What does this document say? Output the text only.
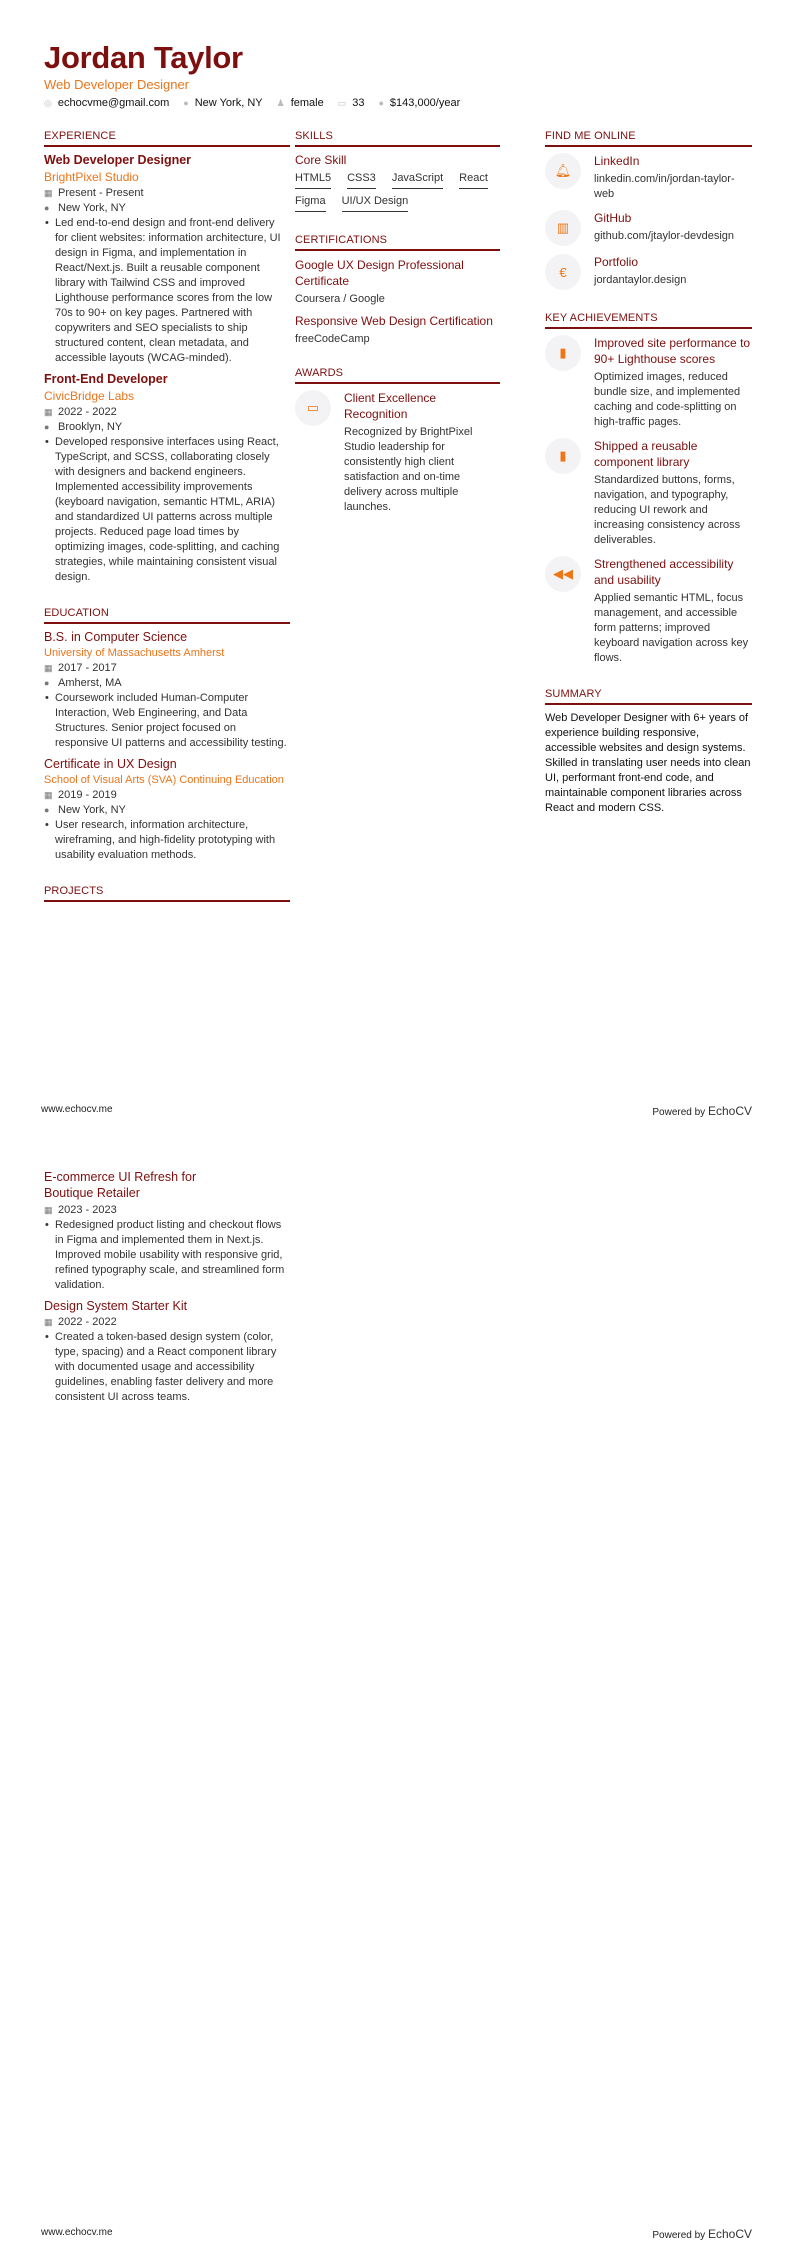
Jordan Taylor
Web Developer Designer
◎ echocvme@gmail.com ● New York, NY ♟ female ▭ 33 ● $143,000/year
EXPERIENCE
Web Developer Designer
BrightPixel Studio
▦ Present - Present
● New York, NY
• Led end-to-end design and front-end delivery for client websites: information architecture, UI design in Figma, and implementation in React/Next.js. Built a reusable component library with Tailwind CSS and improved Lighthouse performance scores from the low 70s to 90+ on key pages. Partnered with copywriters and SEO specialists to ship structured content, clean metadata, and accessible layouts (WCAG-minded).
Front-End Developer
CivicBridge Labs
▦ 2022 - 2022
● Brooklyn, NY
• Developed responsive interfaces using React, TypeScript, and SCSS, collaborating closely with designers and backend engineers. Implemented accessibility improvements (keyboard navigation, semantic HTML, ARIA) and standardized UI patterns across multiple projects. Reduced page load times by optimizing images, code-splitting, and caching strategies, while maintaining consistent visual design.
EDUCATION
B.S. in Computer Science
University of Massachusetts Amherst
▦ 2017 - 2017
● Amherst, MA
• Coursework included Human-Computer Interaction, Web Engineering, and Data Structures. Senior project focused on responsive UI patterns and accessibility testing.
Certificate in UX Design
School of Visual Arts (SVA) Continuing Education
▦ 2019 - 2019
● New York, NY
• User research, information architecture, wireframing, and high-fidelity prototyping with usability evaluation methods.
PROJECTS
SKILLS
Core Skill
HTML5 CSS3 JavaScript React
Figma UI/UX Design
CERTIFICATIONS
Google UX Design Professional Certificate
Coursera / Google
Responsive Web Design Certification
freeCodeCamp
AWARDS
▭
Client Excellence Recognition
Recognized by BrightPixel Studio leadership for consistently high client satisfaction and on-time delivery across multiple launches.
FIND ME ONLINE
🔔︎
LinkedIn
linkedin.com/in/jordan-taylor-web
▥
GitHub
github.com/jtaylor-devdesign
€
Portfolio
jordantaylor.design
KEY ACHIEVEMENTS
▮
Improved site performance to 90+ Lighthouse scores
Optimized images, reduced bundle size, and implemented caching and code-splitting on high-traffic pages.
▮
Shipped a reusable component library
Standardized buttons, forms, navigation, and typography, reducing UI rework and increasing consistency across deliverables.
◀◀
Strengthened accessibility and usability
Applied semantic HTML, focus management, and accessible form patterns; improved keyboard navigation across key flows.
SUMMARY
Web Developer Designer with 6+ years of experience building responsive, accessible websites and design systems. Skilled in translating user needs into clean UI, performant front-end code, and maintainable component libraries across React and modern CSS.
www.echocv.me	Powered by EchoCV
E-commerce UI Refresh for Boutique Retailer
▦ 2023 - 2023
• Redesigned product listing and checkout flows in Figma and implemented them in Next.js. Improved mobile usability with responsive grid, refined typography scale, and streamlined form validation.
Design System Starter Kit
▦ 2022 - 2022
• Created a token-based design system (color, type, spacing) and a React component library with documented usage and accessibility guidelines, enabling faster delivery and more consistent UI across teams.
www.echocv.me	Powered by EchoCV
